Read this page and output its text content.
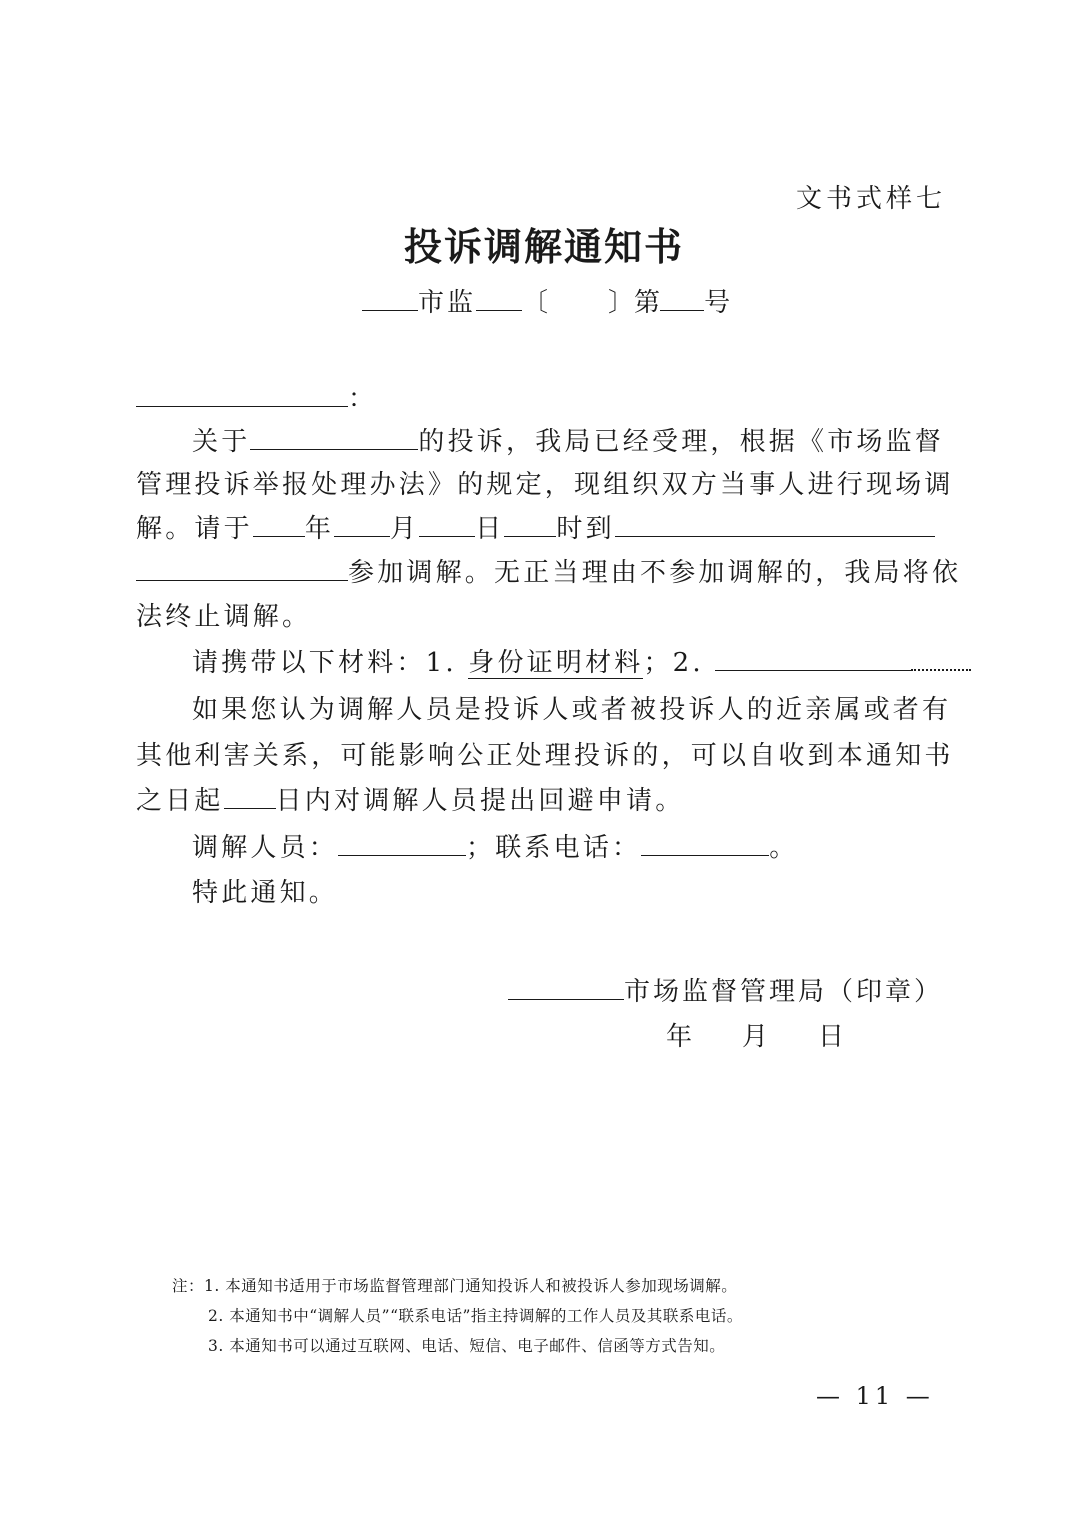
文书式样七
投诉调解通知书
市监 〔 〕第 号
：
关于	的投诉，我局已经受理，根据《市场监督
管理投诉举报处理办法》的规定，现组织双方当事人进行现场调
解。请于 年 月 日 时到
参加调解。无正当理由不参加调解的，我局将依
法终止调解。
请携带以下材料：1. 身份证明材料；2.
如果您认为调解人员是投诉人或者被投诉人的近亲属或者有
其他利害关系，可能影响公正处理投诉的，可以自收到本通知书
之日起 日内对调解人员提出回避申请。
调解人员：	；联系电话：	。
特此通知。
市场监督管理局（印章）
年 月 日
注：1. 本通知书适用于市场监督管理部门通知投诉人和被投诉人参加现场调解。
2. 本通知书中“调解人员”“联系电话”指主持调解的工作人员及其联系电话。
3. 本通知书可以通过互联网、电话、短信、电子邮件、信函等方式告知。
— 11 —
